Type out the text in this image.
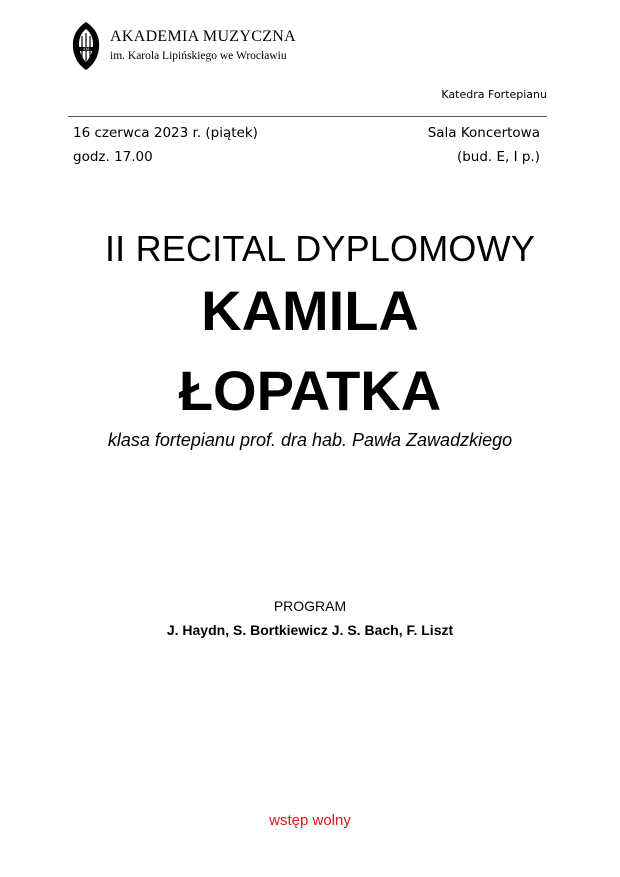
AM
AKADEMIA MUZYCZNA
im. Karola Lipińskiego we Wrocławiu
Katedra Fortepianu
16 czerwca 2023 r. (piątek)
godz. 17.00
Sala Koncertowa
(bud. E, I p.)
II RECITAL DYPLOMOWY
KAMILA
ŁOPATKA
klasa fortepianu prof. dra hab. Pawła Zawadzkiego
PROGRAM
J. Haydn, S. Bortkiewicz J. S. Bach, F. Liszt
wstęp wolny
